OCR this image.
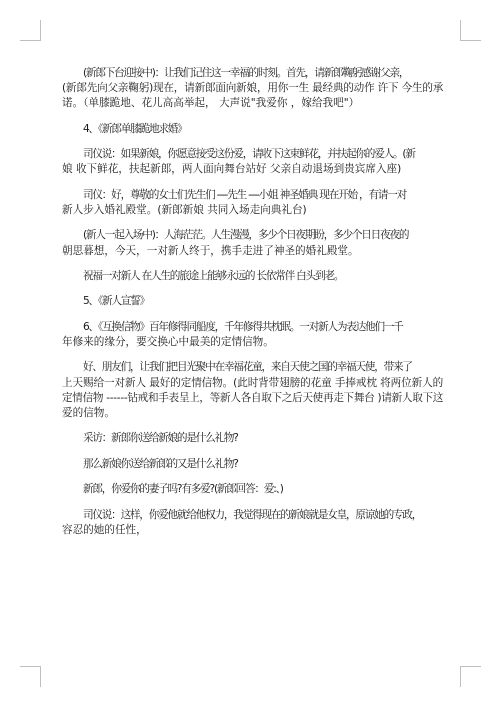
(新郎下台迎接中)：让我们记住这一幸福的时刻。首先，请新郎鞠躬感谢父亲，
(新郎先向父亲鞠躬)现在，请新郎面向新娘，用你一生 最经典的动作 许下 今生的承
诺。（单膝跪地、花儿高高举起， 大声说"我爱你 ，嫁给我吧"）

4、《新郎单膝跪地求婚》

司仪说：如果新娘，你愿意接受这份爱，请收下这束鲜花，并扶起你的爱人。(新
娘 收下鲜花，扶起新郎，两人面向舞台站好 父亲自动退场到贵宾席入座)

司仪：好，尊敬的女士们先生们 ----先生 ----小姐 神圣婚典 现在开始 ，有请一对
新人步入婚礼殿堂。(新郎新娘 共同入场走向典礼台)

(新人一起入场中)：人海茫茫。人生漫漫，多少个日夜期盼，多少个日日夜夜的
朝思暮想，今天，一对新人终于，携手走进了神圣的婚礼殿堂。

祝福一对新人 在人生的旅途上能够永远的 长依常伴 白头到老。

5、《新人宣誓》

6、《互换信物》百年修得同船度，千年修得共枕眠。一对新人为表达他们一千
年修来的缘分，要交换心中最美的定情信物。

好、朋友们，让我们把目光聚中在幸福花童，来自天使之国的幸福天使，带来了
上天赐给一对新人 最好的定情信物。(此时背带翅膀的花童 手捧戒枕 将两位新人的
定情信物 ------钻戒和手表呈上，等新人各自取下之后天使再走下舞台 )请新人取下这
爱的信物。

采访：新郎你送给新娘的是什么礼物?

那么新娘你送给新郎的又是什么礼物?

新郎，你爱你的妻子吗?有多爱?(新郎回答：爱:、)

司仪说：这样，你爱他就给他权力，我觉得现在的新娘就是女皇，原谅她的专政，
容忍的她的任性，
